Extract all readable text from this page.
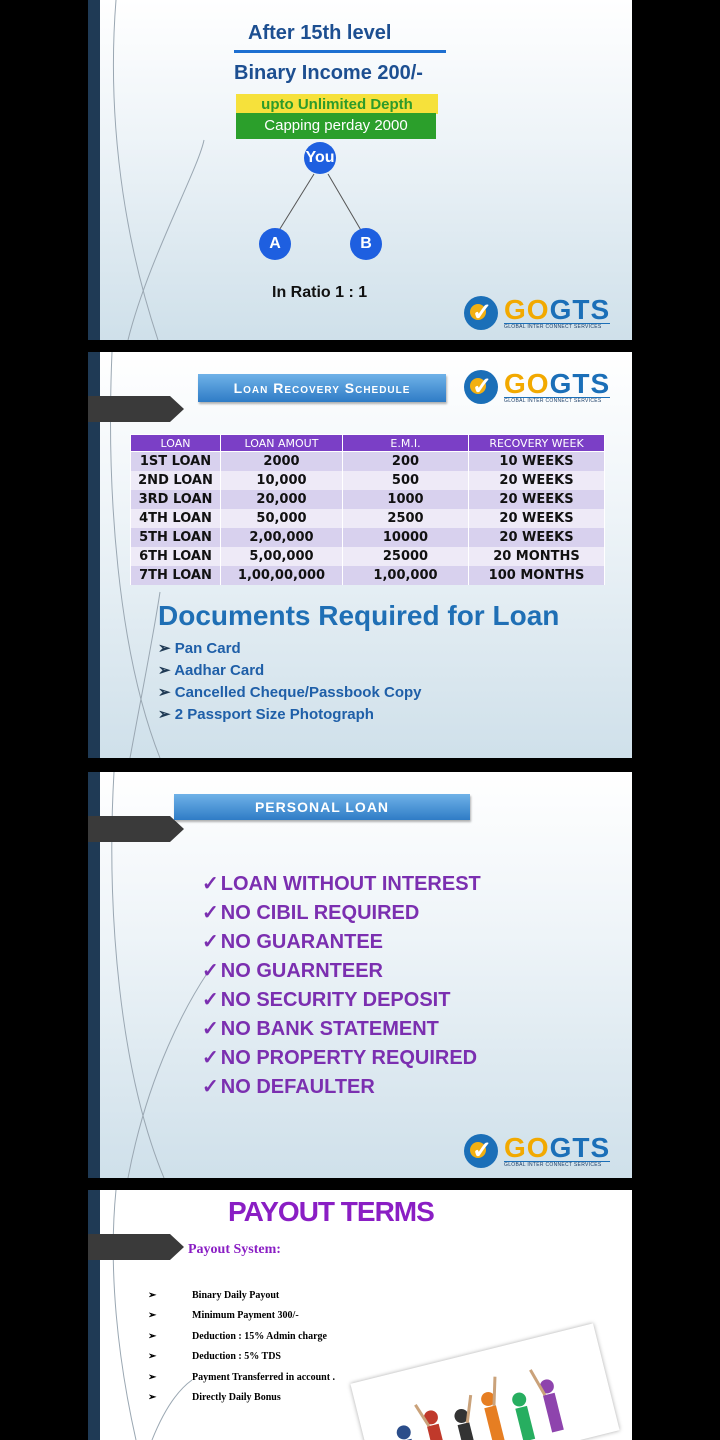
After 15th level
Binary Income 200/-
upto Unlimited Depth
Capping perday 2000
You
A	B
In Ratio 1 : 1
✓
GOGTS
GLOBAL INTER CONNECT SERVICES
Loan Recovery Schedule ✓	GOGTS
GLOBAL INTER CONNECT SERVICES
LOAN	LOAN AMOUT	E.M.I.	RECOVERY WEEK
1ST LOAN	2000	200	10 WEEKS
2ND LOAN	10,000	500	20 WEEKS
3RD LOAN	20,000	1000	20 WEEKS
4TH LOAN	50,000	2500	20 WEEKS
5TH LOAN	2,00,000	10000	20 WEEKS
6TH LOAN	5,00,000	25000	20 MONTHS
7TH LOAN	1,00,00,000	1,00,000	100 MONTHS
Documents Required for Loan
➢ Pan Card
➢ Aadhar Card
➢ Cancelled Cheque/Passbook Copy
➢ 2 Passport Size Photograph
PERSONAL LOAN
✓ LOAN WITHOUT INTEREST
✓ NO CIBIL REQUIRED
✓ NO GUARANTEE
✓ NO GUARNTEER
✓ NO SECURITY DEPOSIT
✓ NO BANK STATEMENT
✓ NO PROPERTY REQUIRED
✓ NO DEFAULTER
✓
GOGTS
GLOBAL INTER CONNECT SERVICES
PAYOUT TERMS
Payout System:
➢	Binary Daily Payout
➢	Minimum Payment 300/-
➢	Deduction : 15% Admin charge
➢	Deduction : 5% TDS
➢	Payment Transferred in account .
➢	Directly Daily Bonus
